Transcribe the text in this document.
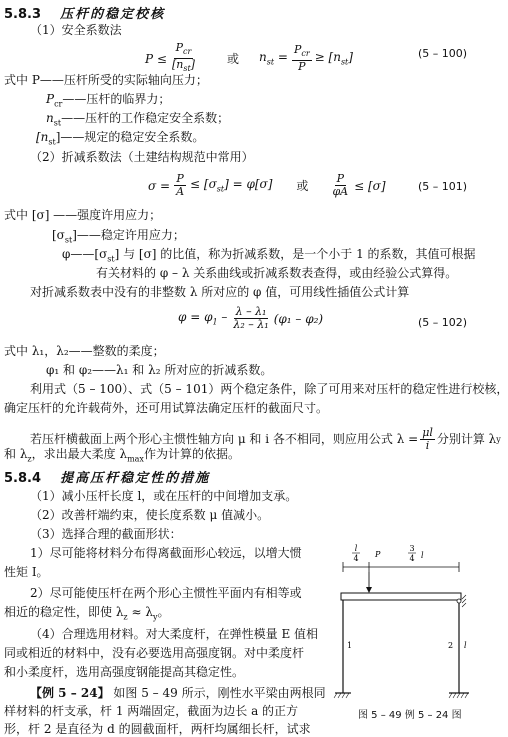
5.8.3 压杆的稳定校核
（1）安全系数法
$P \le \frac{P_{cr}}{[n_{st}]}$	或 $n_{st} = \frac{P_{cr}}{P} \ge [n_{st}]$	(5 – 100)
式中 P——压杆所受的实际轴向压力；
$P_{cr}——$压杆的临界力；
$n_{st}——$压杆的工作稳定安全系数；
$[n_{st}]——$规定的稳定安全系数。
（2）折减系数法（土建结构规范中常用）
$\sigma = \frac{P}{A} \le [\sigma_{st}] = \varphi[\sigma]$ 或 $\frac{P}{\varphi A} \le [\sigma]$	(5 – 101)
式中 [σ] ——强度许用应力；
$[\sigma_{st}]——$稳定许用应力；
$\varphi——[\sigma_{st}]$ 与 [σ] 的比值，称为折减系数，是一个小于 1 的系数，其值可根据
有关材料的 φ – λ 关系曲线或折减系数表查得，或由经验公式算得。
对折减系数表中没有的非整数 λ 所对应的 φ 值，可用线性插值公式计算
$\varphi = \varphi_1 - \frac{\text{λ – λ₁}}{\text{λ₂ – λ₁}} (\varphi_1 - \varphi_2)$	(5 – 102)
式中 λ₁，λ₂——整数的柔度；
φ₁ 和 φ₂——λ₁ 和 λ₂ 所对应的折减系数。
利用式（5 – 100）、式（5 – 101）两个稳定条件，除了可用来对压杆的稳定性进行校核，
确定压杆的允许载荷外，还可用试算法确定压杆的截面尺寸。
若压杆横截面上两个形心主惯性轴方向 μ 和 i 各不相同，则应用公式 $\lambda = \frac{\mu l}{i}$ 分别计算 λ y
和 $\lambda_z$，求出最大柔度 $\lambda_{max}$作为计算的依据。
5.8.4 提高压杆稳定性的措施
（1）减小压杆长度 l，或在压杆的中间增加支承。
（2）改善杆端约束，使长度系数 μ 值减小。
（3）选择合理的截面形状：
1）尽可能将材料分布得离截面形心较远，以增大惯
性矩 I。
2）尽可能使压杆在两个形心主惯性平面内有相等或
相近的稳定性，即使 $\lambda_z \approx \lambda_y$。
（4）合理选用材料。对大柔度杆，在弹性模量 E 值相
同或相近的材料中，没有必要选用高强度钢。对中柔度杆
和小柔度杆，选用高强度钢能提高其稳定性。
【例 5 – 24】 如图 5 – 49 所示，刚性水平梁由两根同
样材料的杆支承，杆 1 两端固定，截面为边长 a 的正方
形，杆 2 是直径为 d 的圆截面杆，两杆均属细长杆，试求
l
4 P
3
4 l
1	2 l
图 5 – 49 例 5 – 24 图
